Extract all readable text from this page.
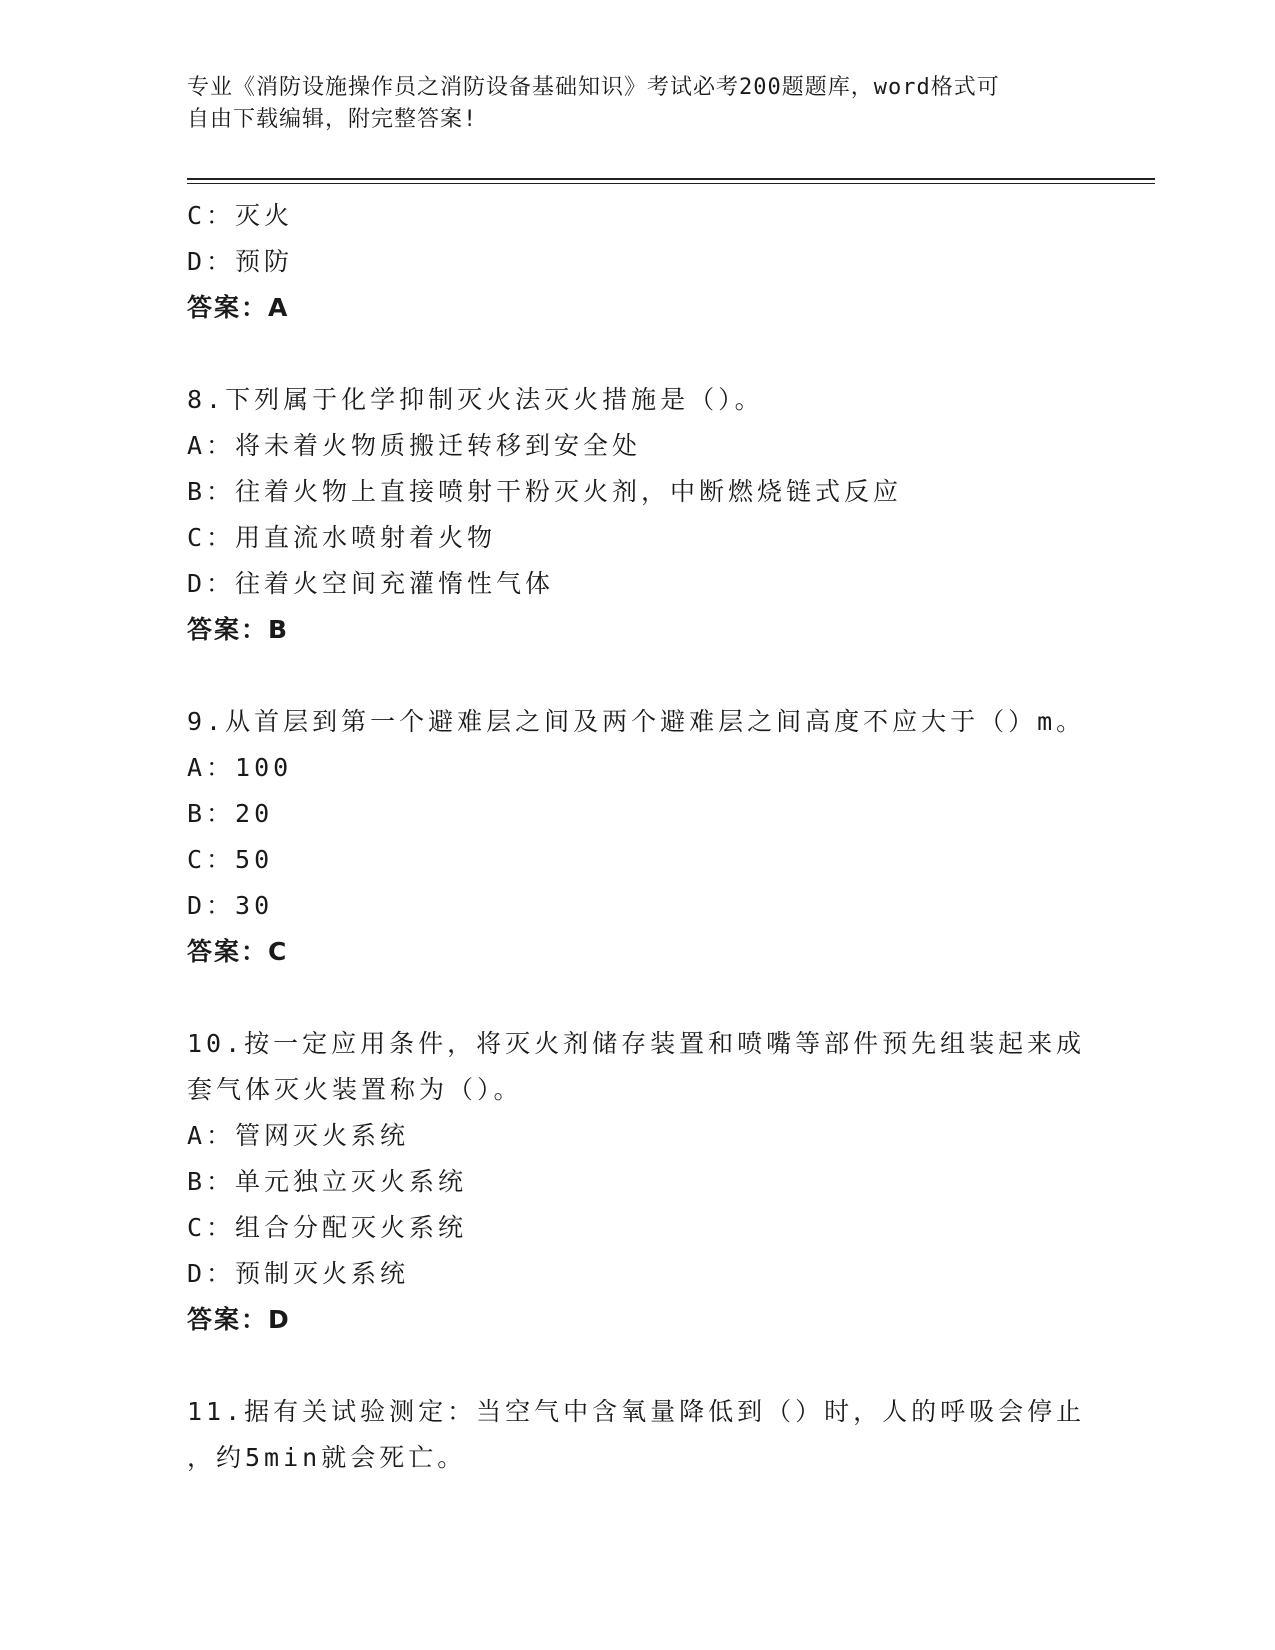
专业《消防设施操作员之消防设备基础知识》考试必考200题题库，word格式可
自由下载编辑，附完整答案!
C：灭火
D：预防
答案：A
8.下列属于化学抑制灭火法灭火措施是（）。
A：将未着火物质搬迁转移到安全处
B：往着火物上直接喷射干粉灭火剂，中断燃烧链式反应
C：用直流水喷射着火物
D：往着火空间充灌惰性气体
答案：B
9.从首层到第一个避难层之间及两个避难层之间高度不应大于（）m。
A：100
B：20
C：50
D：30
答案：C
10.按一定应用条件，将灭火剂储存装置和喷嘴等部件预先组装起来成
套气体灭火装置称为（）。
A：管网灭火系统
B：单元独立灭火系统
C：组合分配灭火系统
D：预制灭火系统
答案：D
11.据有关试验测定：当空气中含氧量降低到（）时，人的呼吸会停止
，约5min就会死亡。
